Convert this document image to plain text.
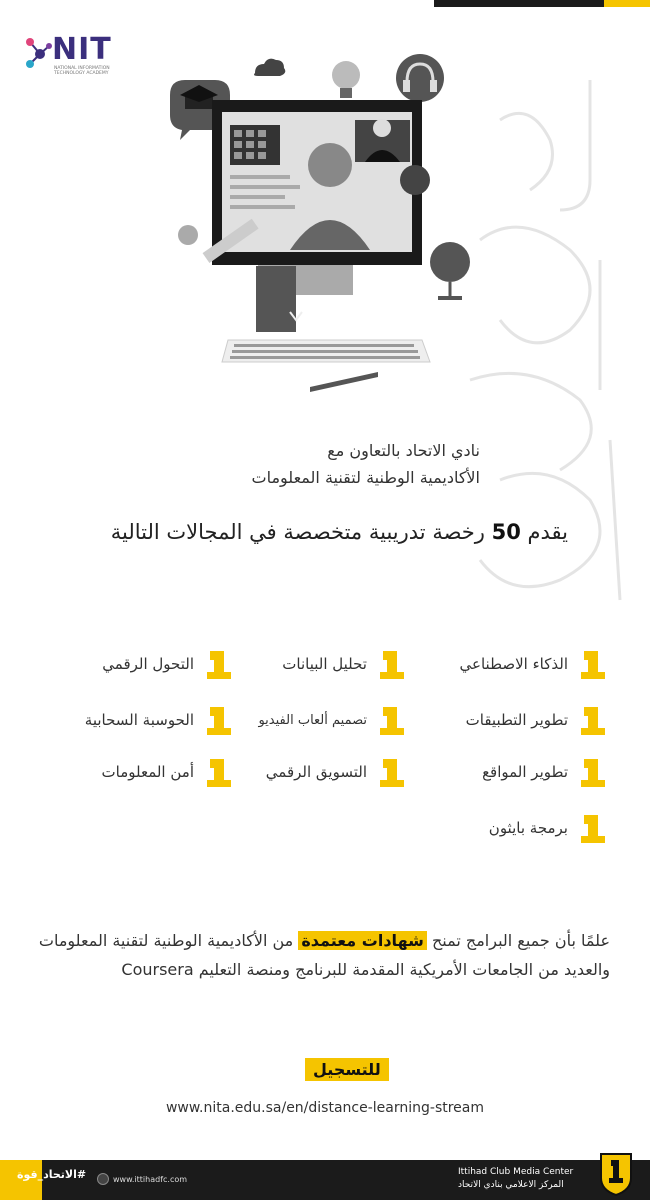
NIT
NATIONAL INFORMATION TECHNOLOGY ACADEMY
نادي الاتحاد بالتعاون مع
الأكاديمية الوطنية لتقنية المعلومات
يقدم 50 رخصة تدريبية متخصصة في المجالات التالية
الذكاء الاصطناعي
تحليل البيانات
التحول الرقمي
تطوير التطبيقات
تصميم ألعاب الفيديو
الحوسبة السحابية
تطوير المواقع
التسويق الرقمي
أمن المعلومات
برمجة بايثون
علمًا بأن جميع البرامج تمنح شهادات معتمدة من الأكاديمية الوطنية لتقنية المعلومات والعديد من الجامعات الأمريكية المقدمة للبرنامج ومنصة التعليم Coursera
للتسجيل
www.nita.edu.sa/en/distance-learning-stream
#الاتحاد_قوة	www.ittihadfc.com
Ittihad Club Media Center
المركز الاعلامي بنادي الاتحاد
